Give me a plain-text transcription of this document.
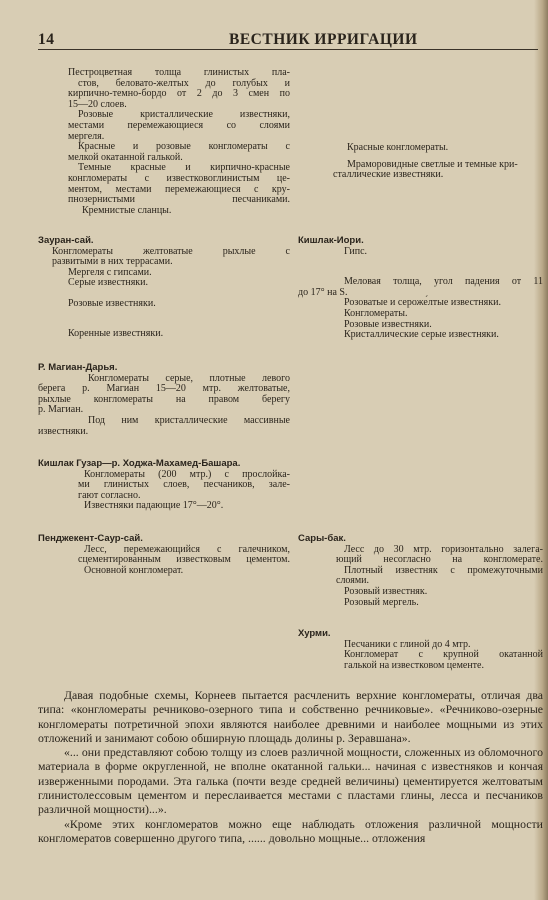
14	ВЕСТНИК ИРРИГАЦИИ

Пестроцветная толща глинистых пла-

стов, беловато-желтых до голубых и

кирпично-темно-бордо от 2 до 3 смен по

15—20 слоев.

Розовые кристаллические известняки,

местами перемежающиеся со слоями

мергеля.

Красные и розовые конгломераты с

мелкой окатанной галькой.

Темные красные и кирпично-красные

конгломераты с известковоглинистым це-

ментом, местами перемежающиеся с кру-

пнозернистыми песчаниками.

Кремнистые сланцы.

Красные конгломераты.

Мраморовидные светлые и темные кри-

сталлические известняки.

Зауран-сай.

Конгломераты желтоватые рыхлые с

развитыми в них террасами.

Мергеля с гипсами.

Серые известняки.

Розовые известняки.

Коренные известняки.

Кишлак-Иори.

Гипс.

Меловая толща, угол падения от 11

до 17° на S.

Розоватые и сероже́лтые известняки.

Конгломераты.

Розовые известняки.

Кристаллические серые известняки.

Р. Магиан-Дарья.

Конгломераты серые, плотные левого

берега р. Магиан 15—20 мтр. желтоватые,

рыхлые конгломераты на правом берегу

р. Магиан.

Под ним кристаллические массивные

известняки.

Кишлак Гузар—р. Ходжа-Махамед-Башара.

Конгломераты (200 мтр.) с прослойка-

ми глинистых слоев, песчаников, зале-

гают согласно.

Известняки падающие 17°—20°.

Пенджекент-Саур-сай.

Лесс, перемежающийся с галечником,

сцементированным известковым цементом.

Основной конгломерат.

Сары-бак.

Лесс до 30 мтр. горизонтально залега-

ющий несогласно на конгломерате.

Плотный известняк с промежуточными

слоями.

Розовый известняк.

Розовый мергель.

Хурми.

Песчаники с глиной до 4 мтр.

Конгломерат с крупной окатанной

галькой на известковом цементе.

Давая подобные схемы, Корнеев пытается расчленить верхние конгломераты, отличая два типа: «конгломераты речниково-озерного типа и собственно речниковые». «Речниково-озерные конгломераты потретичной эпохи являются наиболее древними и наиболее мощными из этих отложений и занимают собою обширную площадь долины р. Зеравшана».

«... они представляют собою толщу из слоев различной мощности, сложенных из обломочного материала в форме округленной, не вполне окатанной гальки... начиная с известняков и кончая изверженными породами. Эта галька (почти везде средней величины) цементируется желтоватым глинистолессовым цементом и переслаивается местами с пластами глины, лесса и песчаников различной мощности)...».

«Кроме этих конгломератов можно еще наблюдать отложения различной мощности конгломератов совершенно другого типа, ...... довольно мощные... отложения
